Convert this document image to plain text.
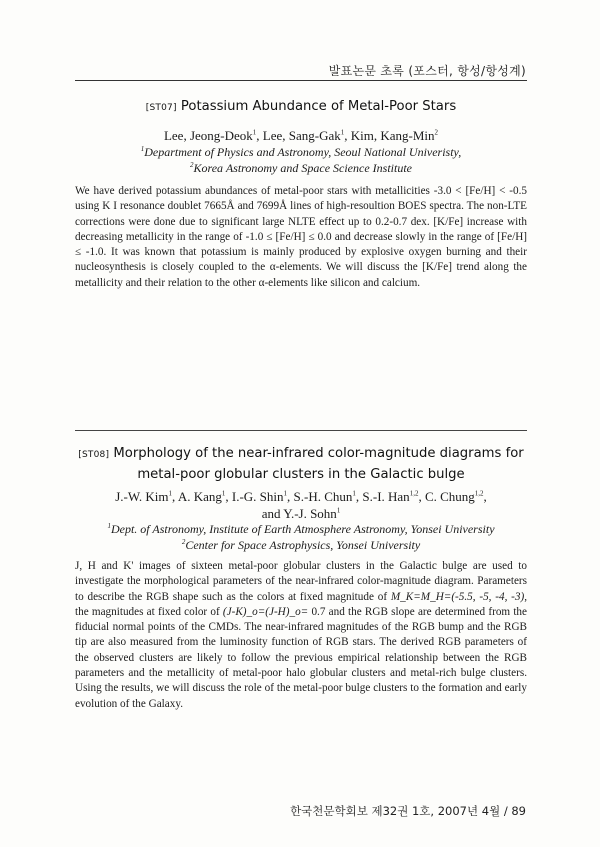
발표논문 초록 (포스터, 항성/항성계)
[ST07] Potassium Abundance of Metal-Poor Stars
Lee, Jeong-Deok$^1$, Lee, Sang-Gak$^1$, Kim, Kang-Min$^2$
$^1$Department of Physics and Astronomy, Seoul National Univeristy,
$^2$Korea Astronomy and Space Science Institute

We have derived potassium abundances of metal-poor stars with metallicities -3.0 < [Fe/H] < -0.5 using K I resonance doublet 7665Å and 7699Å lines of high-resoultion BOES spectra. The non-LTE corrections were done due to significant large NLTE effect up to 0.2-0.7 dex. [K/Fe] increase with decreasing metallicity in the range of -1.0 ≤ [Fe/H] ≤ 0.0 and decrease slowly in the range of [Fe/H] ≤ -1.0. It was known that potassium is mainly produced by explosive oxygen burning and their nucleosynthesis is closely coupled to the α-elements. We will discuss the [K/Fe] trend along the metallicity and their relation to the other α-elements like silicon and calcium.

[ST08] Morphology of the near-infrared color-magnitude diagrams for
metal-poor globular clusters in the Galactic bulge
J.-W. Kim$^1$, A. Kang$^1$, I.-G. Shin$^1$, S.-H. Chun$^1$, S.-I. Han$^{1,2}$, C. Chung$^{1,2}$,
and Y.-J. Sohn$^1$
$^1$Dept. of Astronomy, Institute of Earth Atmosphere Astronomy, Yonsei University
$^2$Center for Space Astrophysics, Yonsei University

J, H and K' images of sixteen metal-poor globular clusters in the Galactic bulge are used to investigate the morphological parameters of the near-infrared color-magnitude diagram. Parameters to describe the RGB shape such as the colors at fixed magnitude of M_K=M_H=(-5.5, -5, -4, -3), the magnitudes at fixed color of (J-K)_o=(J-H)_o= 0.7 and the RGB slope are determined from the fiducial normal points of the CMDs. The near-infrared magnitudes of the RGB bump and the RGB tip are also measured from the luminosity function of RGB stars. The derived RGB parameters of the observed clusters are likely to follow the previous empirical relationship between the RGB parameters and the metallicity of metal-poor halo globular clusters and metal-rich bulge clusters. Using the results, we will discuss the role of the metal-poor bulge clusters to the formation and early evolution of the Galaxy.

한국천문학회보 제32권 1호, 2007년 4월 / 89
